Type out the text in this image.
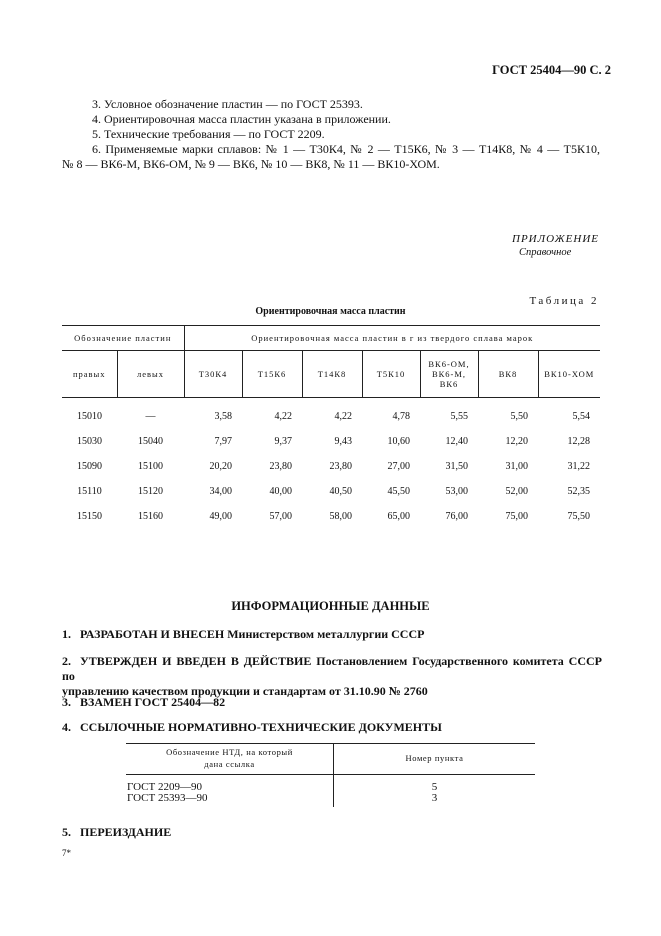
ГОСТ 25404—90 С. 2
3. Условное обозначение пластин — по ГОСТ 25393.
4. Ориентировочная масса пластин указана в приложении.
5. Технические требования — по ГОСТ 2209.
6. Применяемые марки сплавов: № 1 — Т30К4, № 2 — Т15К6, № 3 — Т14К8, № 4 — Т5К10,
№ 8 — ВК6-М, ВК6-ОМ, № 9 — ВК6, № 10 — ВК8, № 11 — ВК10-ХОМ.
ПРИЛОЖЕНИЕ
Справочное
Таблица 2
Ориентировочная масса пластин
Обозначение пластин		Ориентировочная масса пластин в г из твердого сплава марок						
правых	левых	Т30К4	Т15К6	Т14К8	Т5К10	ВК6-ОМ, ВК6-М, ВК6	ВК8	ВК10-ХОМ
15010	—	3,58	4,22	4,22	4,78	5,55	5,50	5,54
15030	15040	7,97	9,37	9,43	10,60	12,40	12,20	12,28
15090	15100	20,20	23,80	23,80	27,00	31,50	31,00	31,22
15110	15120	34,00	40,00	40,50	45,50	53,00	52,00	52,35
15150	15160	49,00	57,00	58,00	65,00	76,00	75,00	75,50
ИНФОРМАЦИОННЫЕ ДАННЫЕ
1. РАЗРАБОТАН И ВНЕСЕН Министерством металлургии СССР
2. УТВЕРЖДЕН И ВВЕДЕН В ДЕЙСТВИЕ Постановлением Государственного комитета СССР по
управлению качеством продукции и стандартам от 31.10.90 № 2760
3. ВЗАМЕН ГОСТ 25404—82
4. ССЫЛОЧНЫЕ НОРМАТИВНО-ТЕХНИЧЕСКИЕ ДОКУМЕНТЫ
Обозначение НТД, на который
дана ссылка	Номер пункта
ГОСТ 2209—90	5
ГОСТ 25393—90	3
5. ПЕРЕИЗДАНИЕ
7*
